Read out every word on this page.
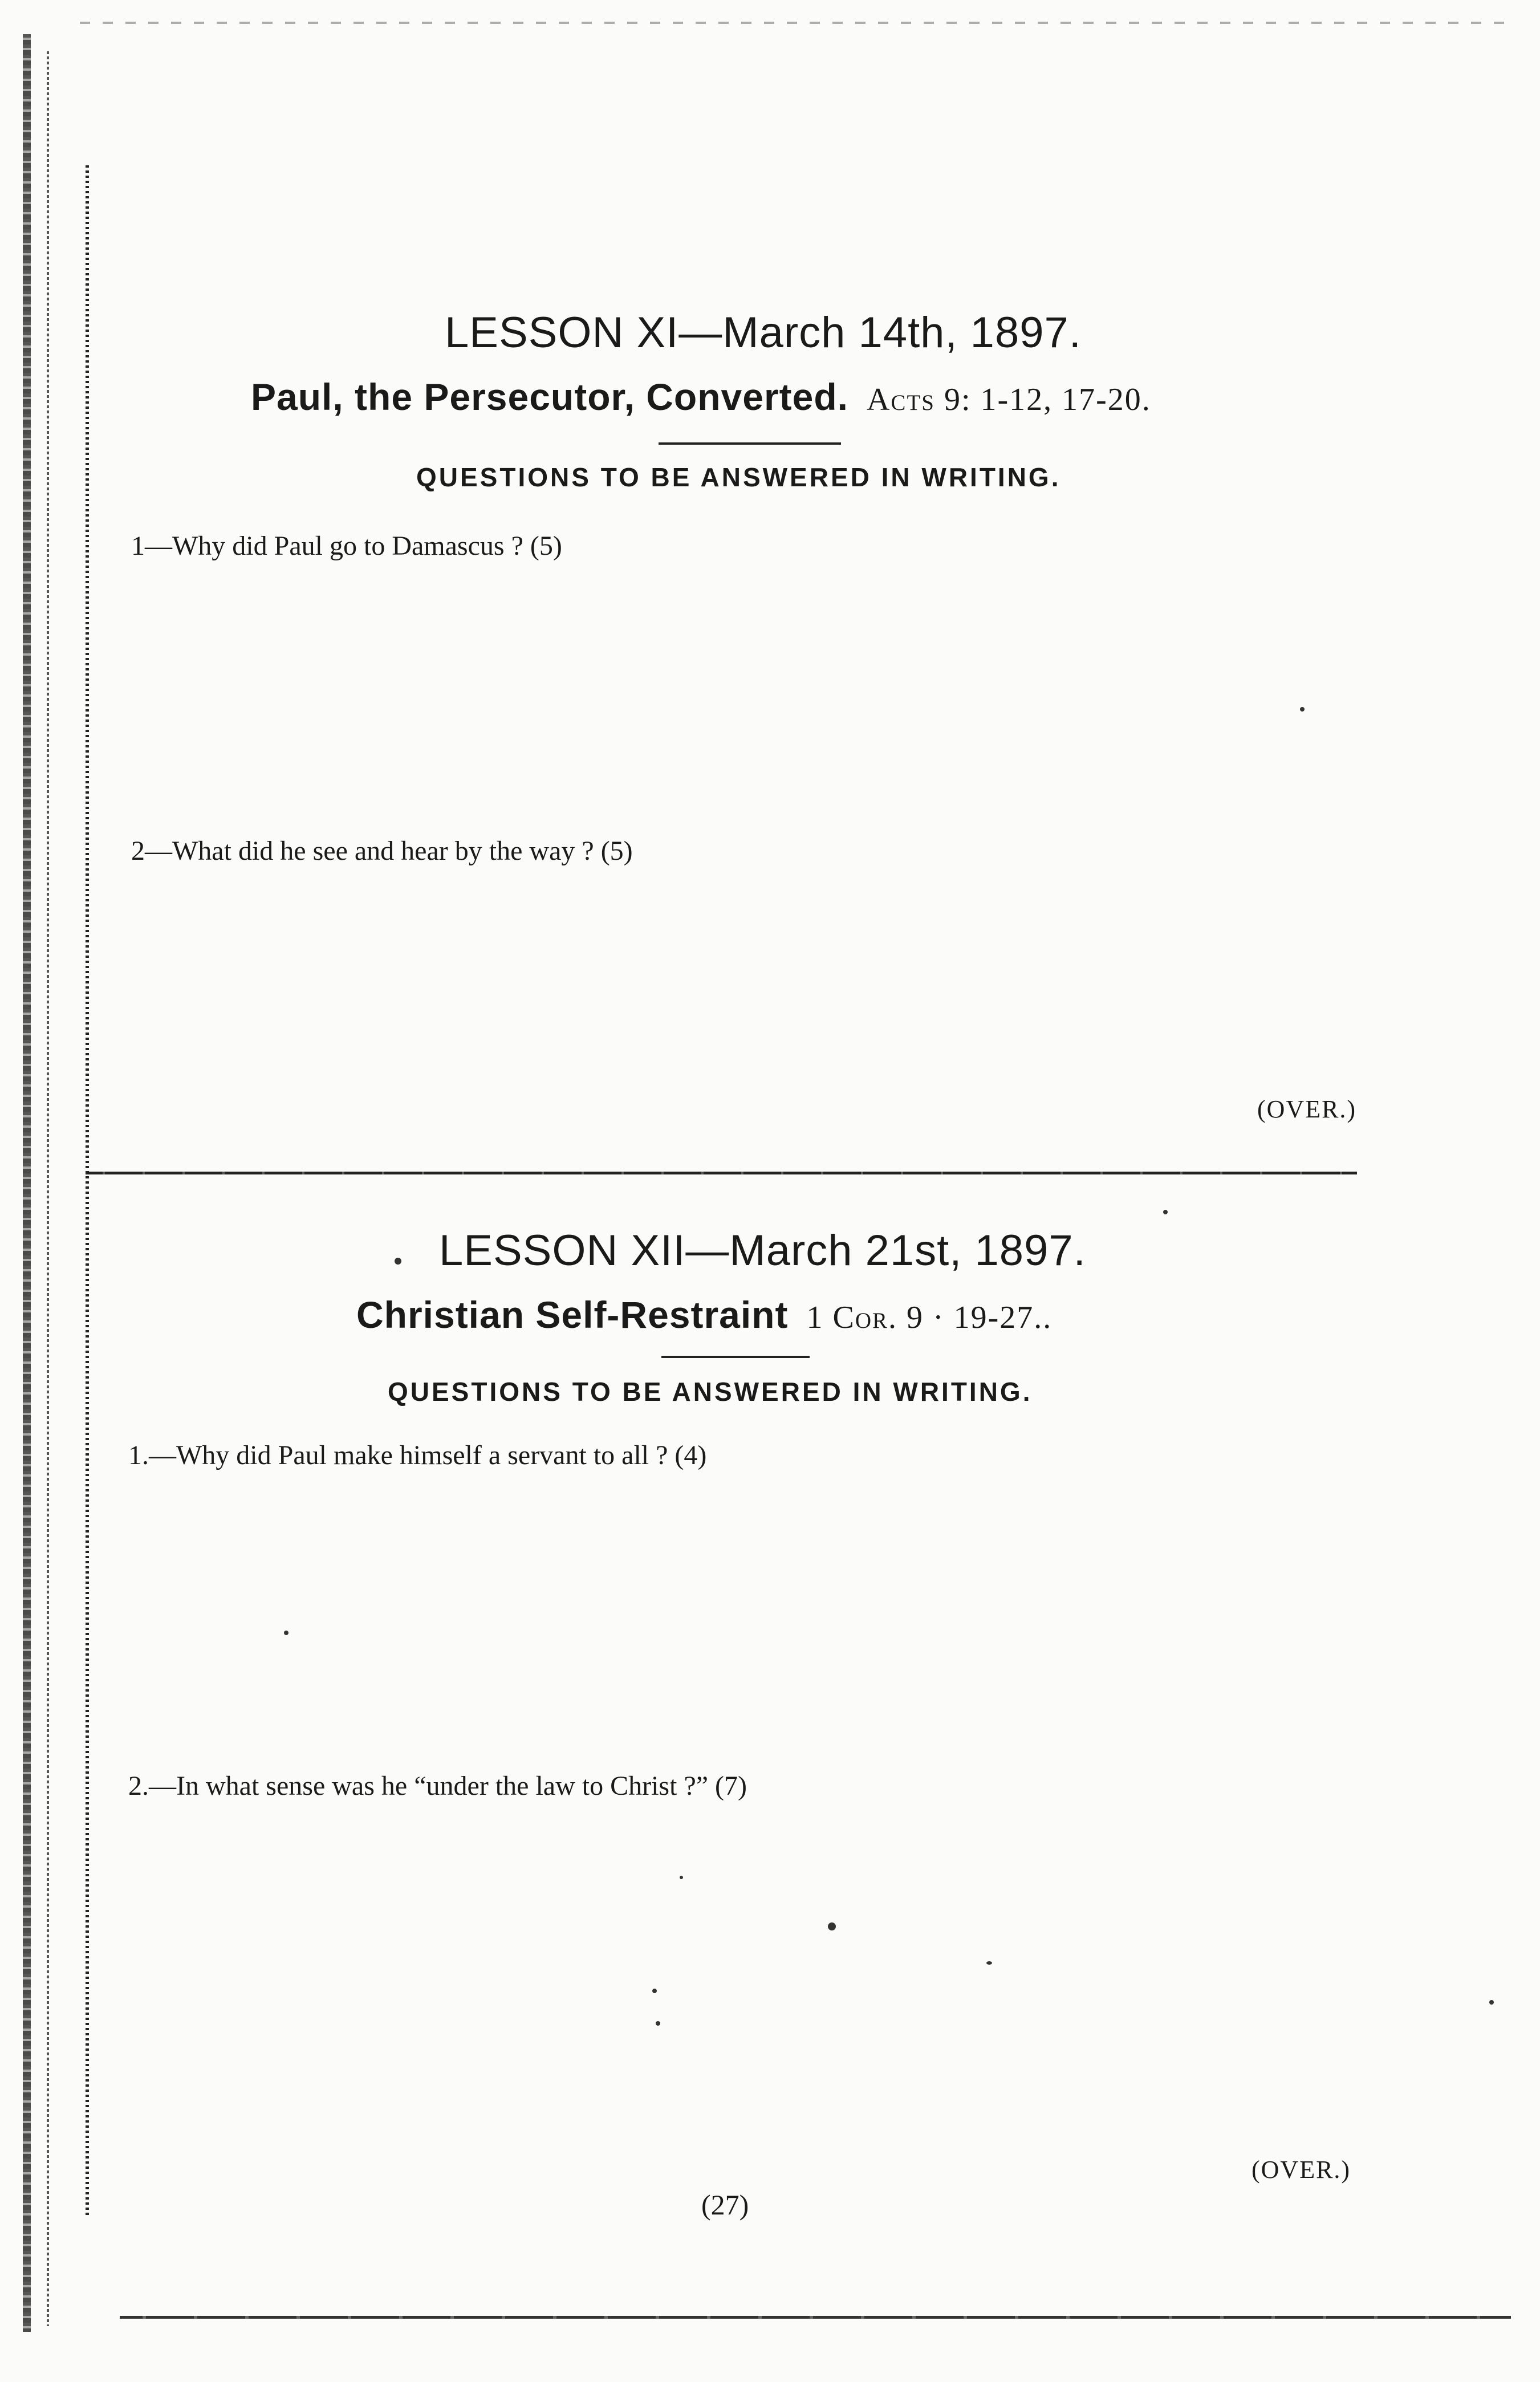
LESSON XI—March 14th, 1897.
Paul, the Persecutor, Converted. Acts 9: 1-12, 17-20.
QUESTIONS TO BE ANSWERED IN WRITING.
1—Why did Paul go to Damascus ? (5)
2—What did he see and hear by the way ? (5)
(OVER.)
LESSON XII—March 21st, 1897.
Christian Self-Restraint 1 Cor. 9 · 19-27..
QUESTIONS TO BE ANSWERED IN WRITING.
1.—Why did Paul make himself a servant to all ? (4)
2.—In what sense was he “under the law to Christ ?” (7)
(OVER.)
(27)
